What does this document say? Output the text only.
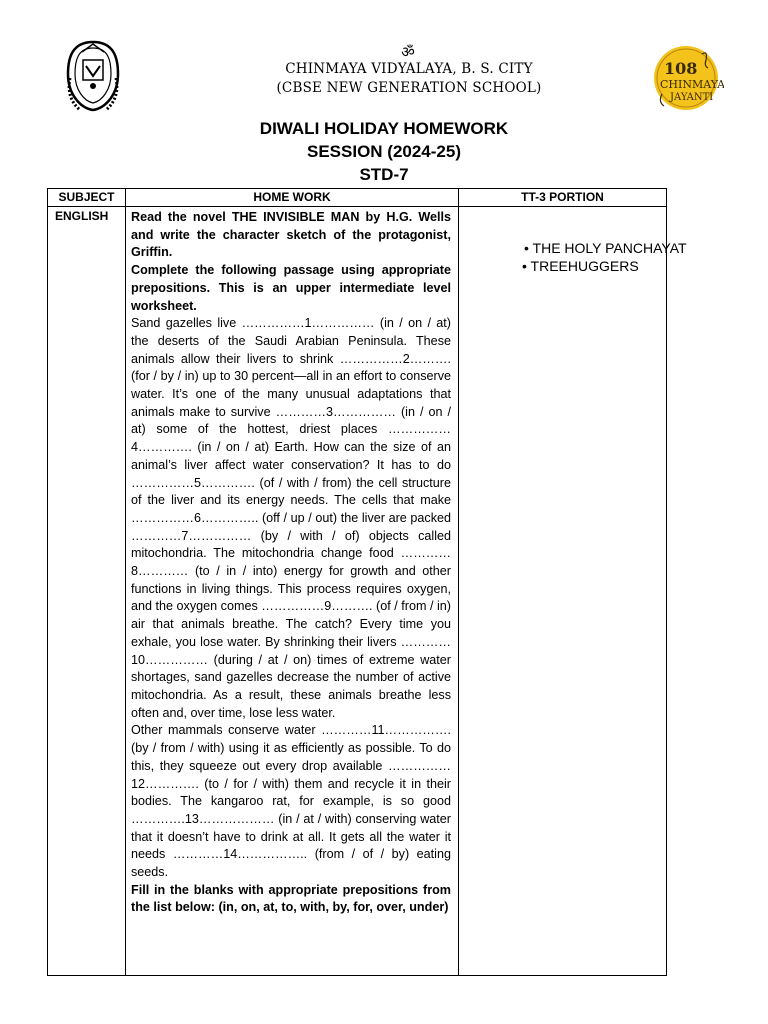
ॐ
108
CHINMAYA
JAYANTI
CHINMAYA VIDYALAYA, B. S. CITY
(CBSE NEW GENERATION SCHOOL)
DIWALI HOLIDAY HOMEWORK
SESSION (2024-25)
STD-7
SUBJECT	HOME WORK	TT-3 PORTION
ENGLISH Read the novel THE INVISIBLE MAN by H.G. Wells and write the character sketch of the protagonist, Griffin.

Complete the following passage using appropriate prepositions. This is an upper intermediate level worksheet.

Sand gazelles live ……………1…………… (in / on / at) the deserts of the Saudi Arabian Peninsula. These animals allow their livers to shrink ……………2………. (for / by / in) up to 30 percent—all in an effort to conserve water. It’s one of the many unusual adaptations that animals make to survive …………3…………… (in / on / at) some of the hottest, driest places ……………4…………. (in / on / at) Earth. How can the size of an animal’s liver affect water conservation? It has to do ……………5…………. (of / with / from) the cell structure of the liver and its energy needs. The cells that make ……………6………….. (off / up / out) the liver are packed …………7…………… (by / with / of) objects called mitochondria. The mitochondria change food …………8………… (to / in / into) energy for growth and other functions in living things. This process requires oxygen, and the oxygen comes ……………9………. (of / from / in) air that animals breathe. The catch? Every time you exhale, you lose water. By shrinking their livers …………10…………… (during / at / on) times of extreme water shortages, sand gazelles decrease the number of active mitochondria. As a result, these animals breathe less often and, over time, lose less water.

Other mammals conserve water …………11……………. (by / from / with) using it as efficiently as possible. To do this, they squeeze out every drop available ……………12…………. (to / for / with) them and recycle it in their bodies. The kangaroo rat, for example, is so good ………….13……………… (in / at / with) conserving water that it doesn’t have to drink at all. It gets all the water it needs …………14…………….. (from / of / by) eating seeds.

Fill in the blanks with appropriate prepositions from the list below: (in, on, at, to, with, by, for, over, under)

• THE HOLY PANCHAYAT
• TREEHUGGERS
